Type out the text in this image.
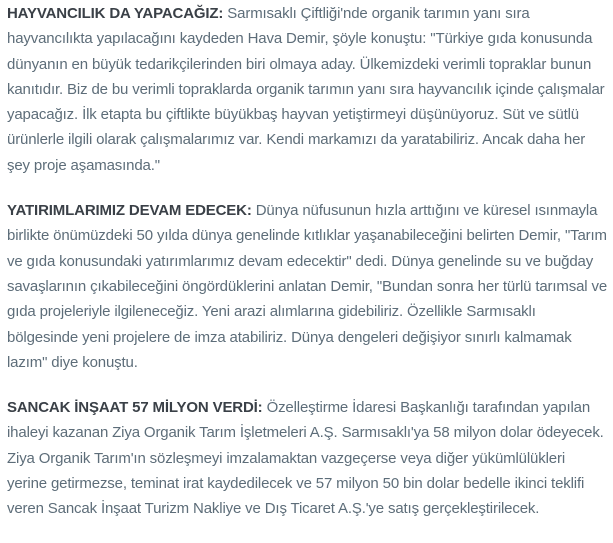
HAYVANCILIK DA YAPACAĞIZ: Sarmısaklı Çiftliği'nde organik tarımın yanı sıra hayvancılıkta yapılacağını kaydeden Hava Demir, şöyle konuştu: "Türkiye gıda konusunda dünyanın en büyük tedarikçilerinden biri olmaya aday. Ülkemizdeki verimli topraklar bunun kanıtıdır. Biz de bu verimli topraklarda organik tarımın yanı sıra hayvancılık içinde çalışmalar yapacağız. İlk etapta bu çiftlikte büyükbaş hayvan yetiştirmeyi düşünüyoruz. Süt ve sütlü ürünlerle ilgili olarak çalışmalarımız var. Kendi markamızı da yaratabiliriz. Ancak daha her şey proje aşamasında."

YATIRIMLARIMIZ DEVAM EDECEK: Dünya nüfusunun hızla arttığını ve küresel ısınmayla birlikte önümüzdeki 50 yılda dünya genelinde kıtlıklar yaşanabileceğini belirten Demir, "Tarım ve gıda konusundaki yatırımlarımız devam edecektir" dedi. Dünya genelinde su ve buğday savaşlarının çıkabileceğini öngördüklerini anlatan Demir, "Bundan sonra her türlü tarımsal ve gıda projeleriyle ilgileneceğiz. Yeni arazi alımlarına gidebiliriz. Özellikle Sarmısaklı bölgesinde yeni projelere de imza atabiliriz. Dünya dengeleri değişiyor sınırlı kalmamak lazım" diye konuştu.

SANCAK İNŞAAT 57 MİLYON VERDİ: Özelleştirme İdaresi Başkanlığı tarafından yapılan ihaleyi kazanan Ziya Organik Tarım İşletmeleri A.Ş. Sarmısaklı'ya 58 milyon dolar ödeyecek. Ziya Organik Tarım'ın sözleşmeyi imzalamaktan vazgeçerse veya diğer yükümlülükleri yerine getirmezse, teminat irat kaydedilecek ve 57 milyon 50 bin dolar bedelle ikinci teklifi veren Sancak İnşaat Turizm Nakliye ve Dış Ticaret A.Ş.'ye satış gerçekleştirilecek.
